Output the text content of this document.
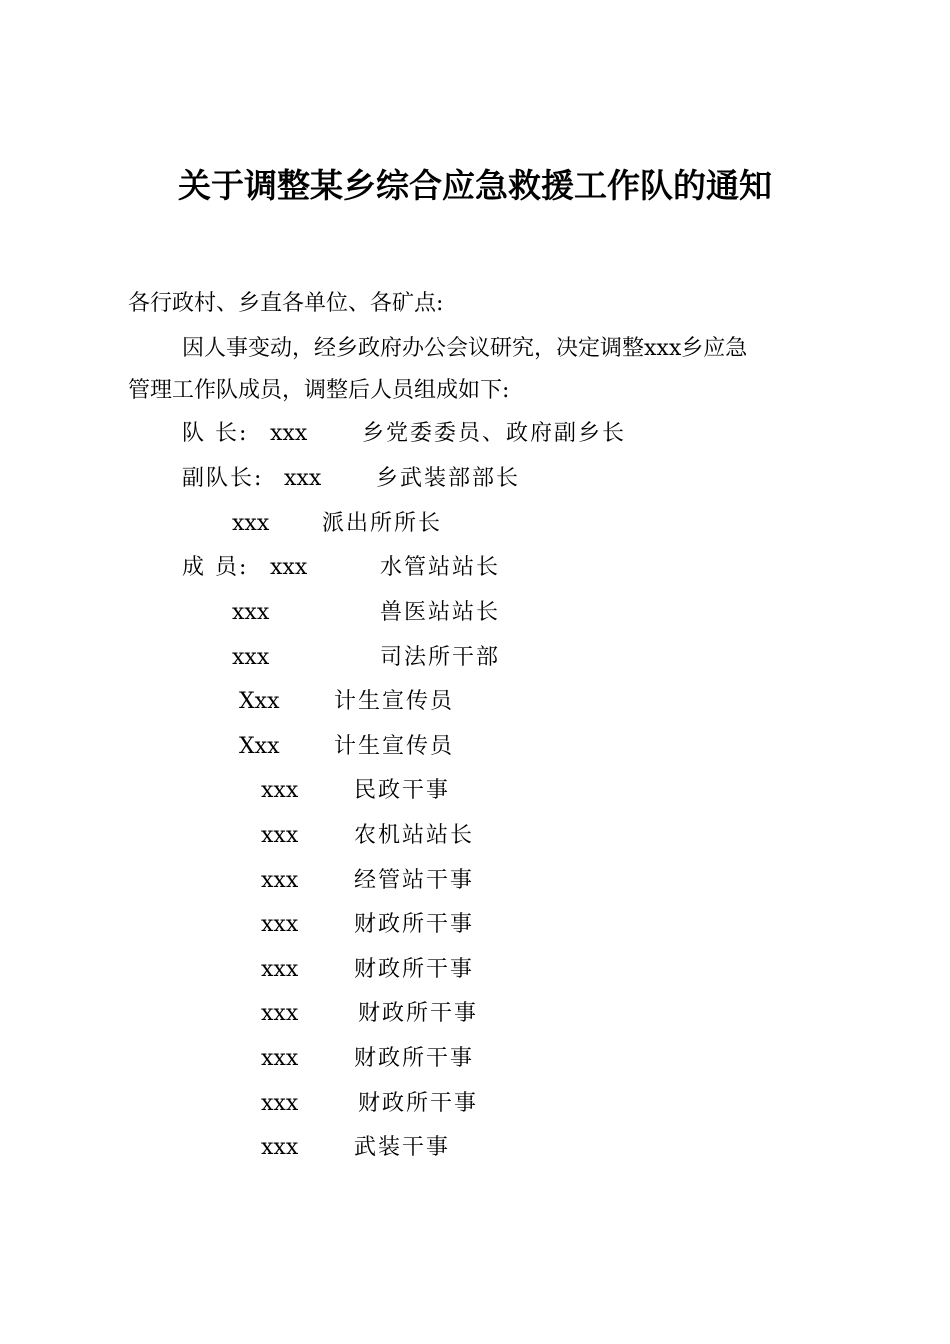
关于调整某乡综合应急救援工作队的通知

各行政村、乡直各单位、各矿点:

因人事变动，经乡政府办公会议研究，决定调整xxx乡应急

管理工作队成员，调整后人员组成如下:

队 长: xxx 乡党委委员、政府副乡长
副队长: xxx 乡武装部部长
xxx 派出所所长
成 员: xxx	水管站站长
xxx	兽医站站长
xxx	司法所干部
Xxx 计生宣传员
Xxx 计生宣传员
xxx	民政干事
xxx	农机站站长
xxx	经管站干事
xxx	财政所干事
xxx	财政所干事
xxx	财政所干事
xxx	财政所干事
xxx	财政所干事
xxx	武装干事
